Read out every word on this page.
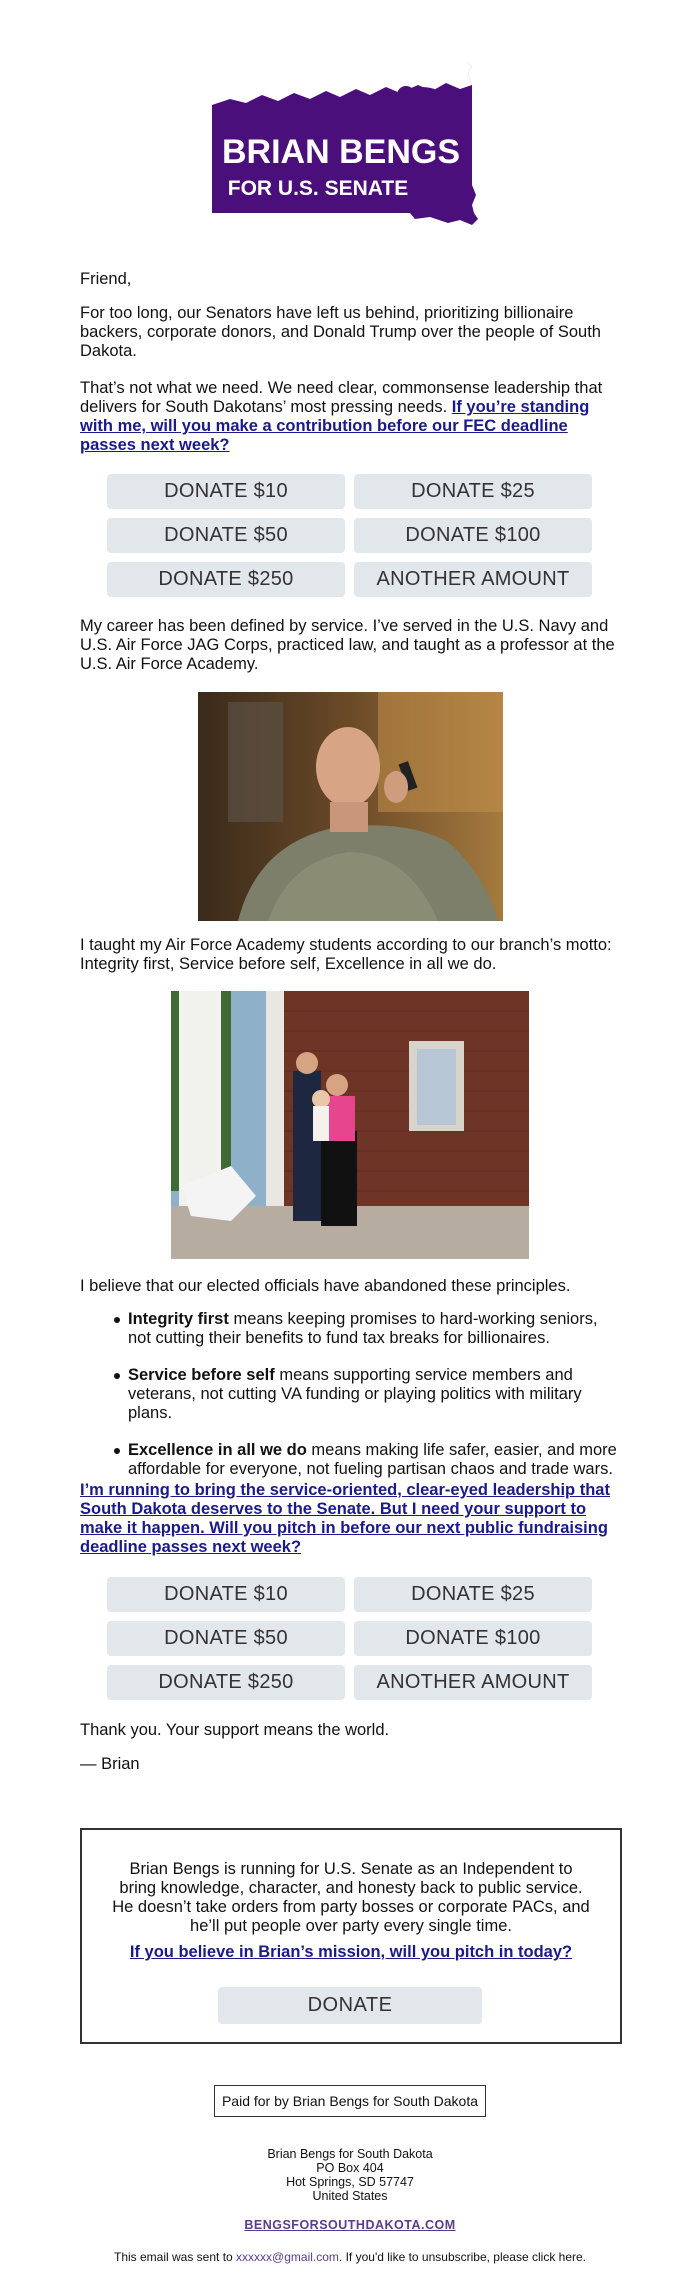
BRIAN BENGS
FOR U.S. SENATE

Friend,

For too long, our Senators have left us behind, prioritizing billionaire backers, corporate donors, and Donald Trump over the people of South Dakota.

That’s not what we need. We need clear, commonsense leadership that delivers for South Dakotans’ most pressing needs. If you’re standing with me, will you make a contribution before our FEC deadline passes next week?

DONATE $10	DONATE $25
DONATE $50	DONATE $100
DONATE $250	ANOTHER AMOUNT

My career has been defined by service. I’ve served in the U.S. Navy and U.S. Air Force JAG Corps, practiced law, and taught as a professor at the U.S. Air Force Academy.

I taught my Air Force Academy students according to our branch’s motto: Integrity first, Service before self, Excellence in all we do.

I believe that our elected officials have abandoned these principles.

Integrity first means keeping promises to hard-working seniors, not cutting their benefits to fund tax breaks for billionaires.
Service before self means supporting service members and veterans, not cutting VA funding or playing politics with military plans.
Excellence in all we do means making life safer, easier, and more affordable for everyone, not fueling partisan chaos and trade wars.

I’m running to bring the service-oriented, clear-eyed leadership that South Dakota deserves to the Senate. But I need your support to make it happen. Will you pitch in before our next public fundraising deadline passes next week?

DONATE $10	DONATE $25
DONATE $50	DONATE $100
DONATE $250	ANOTHER AMOUNT

Thank you. Your support means the world.

— Brian

Brian Bengs is running for U.S. Senate as an Independent to bring knowledge, character, and honesty back to public service. He doesn’t take orders from party bosses or corporate PACs, and he’ll put people over party every single time.
If you believe in Brian’s mission, will you pitch in today?
DONATE
Paid for by Brian Bengs for South Dakota
Brian Bengs for South Dakota
PO Box 404
Hot Springs, SD 57747
United States
BENGSFORSOUTHDAKOTA.COM
This email was sent to xxxxxx@gmail.com. If you'd like to unsubscribe, please click here.
